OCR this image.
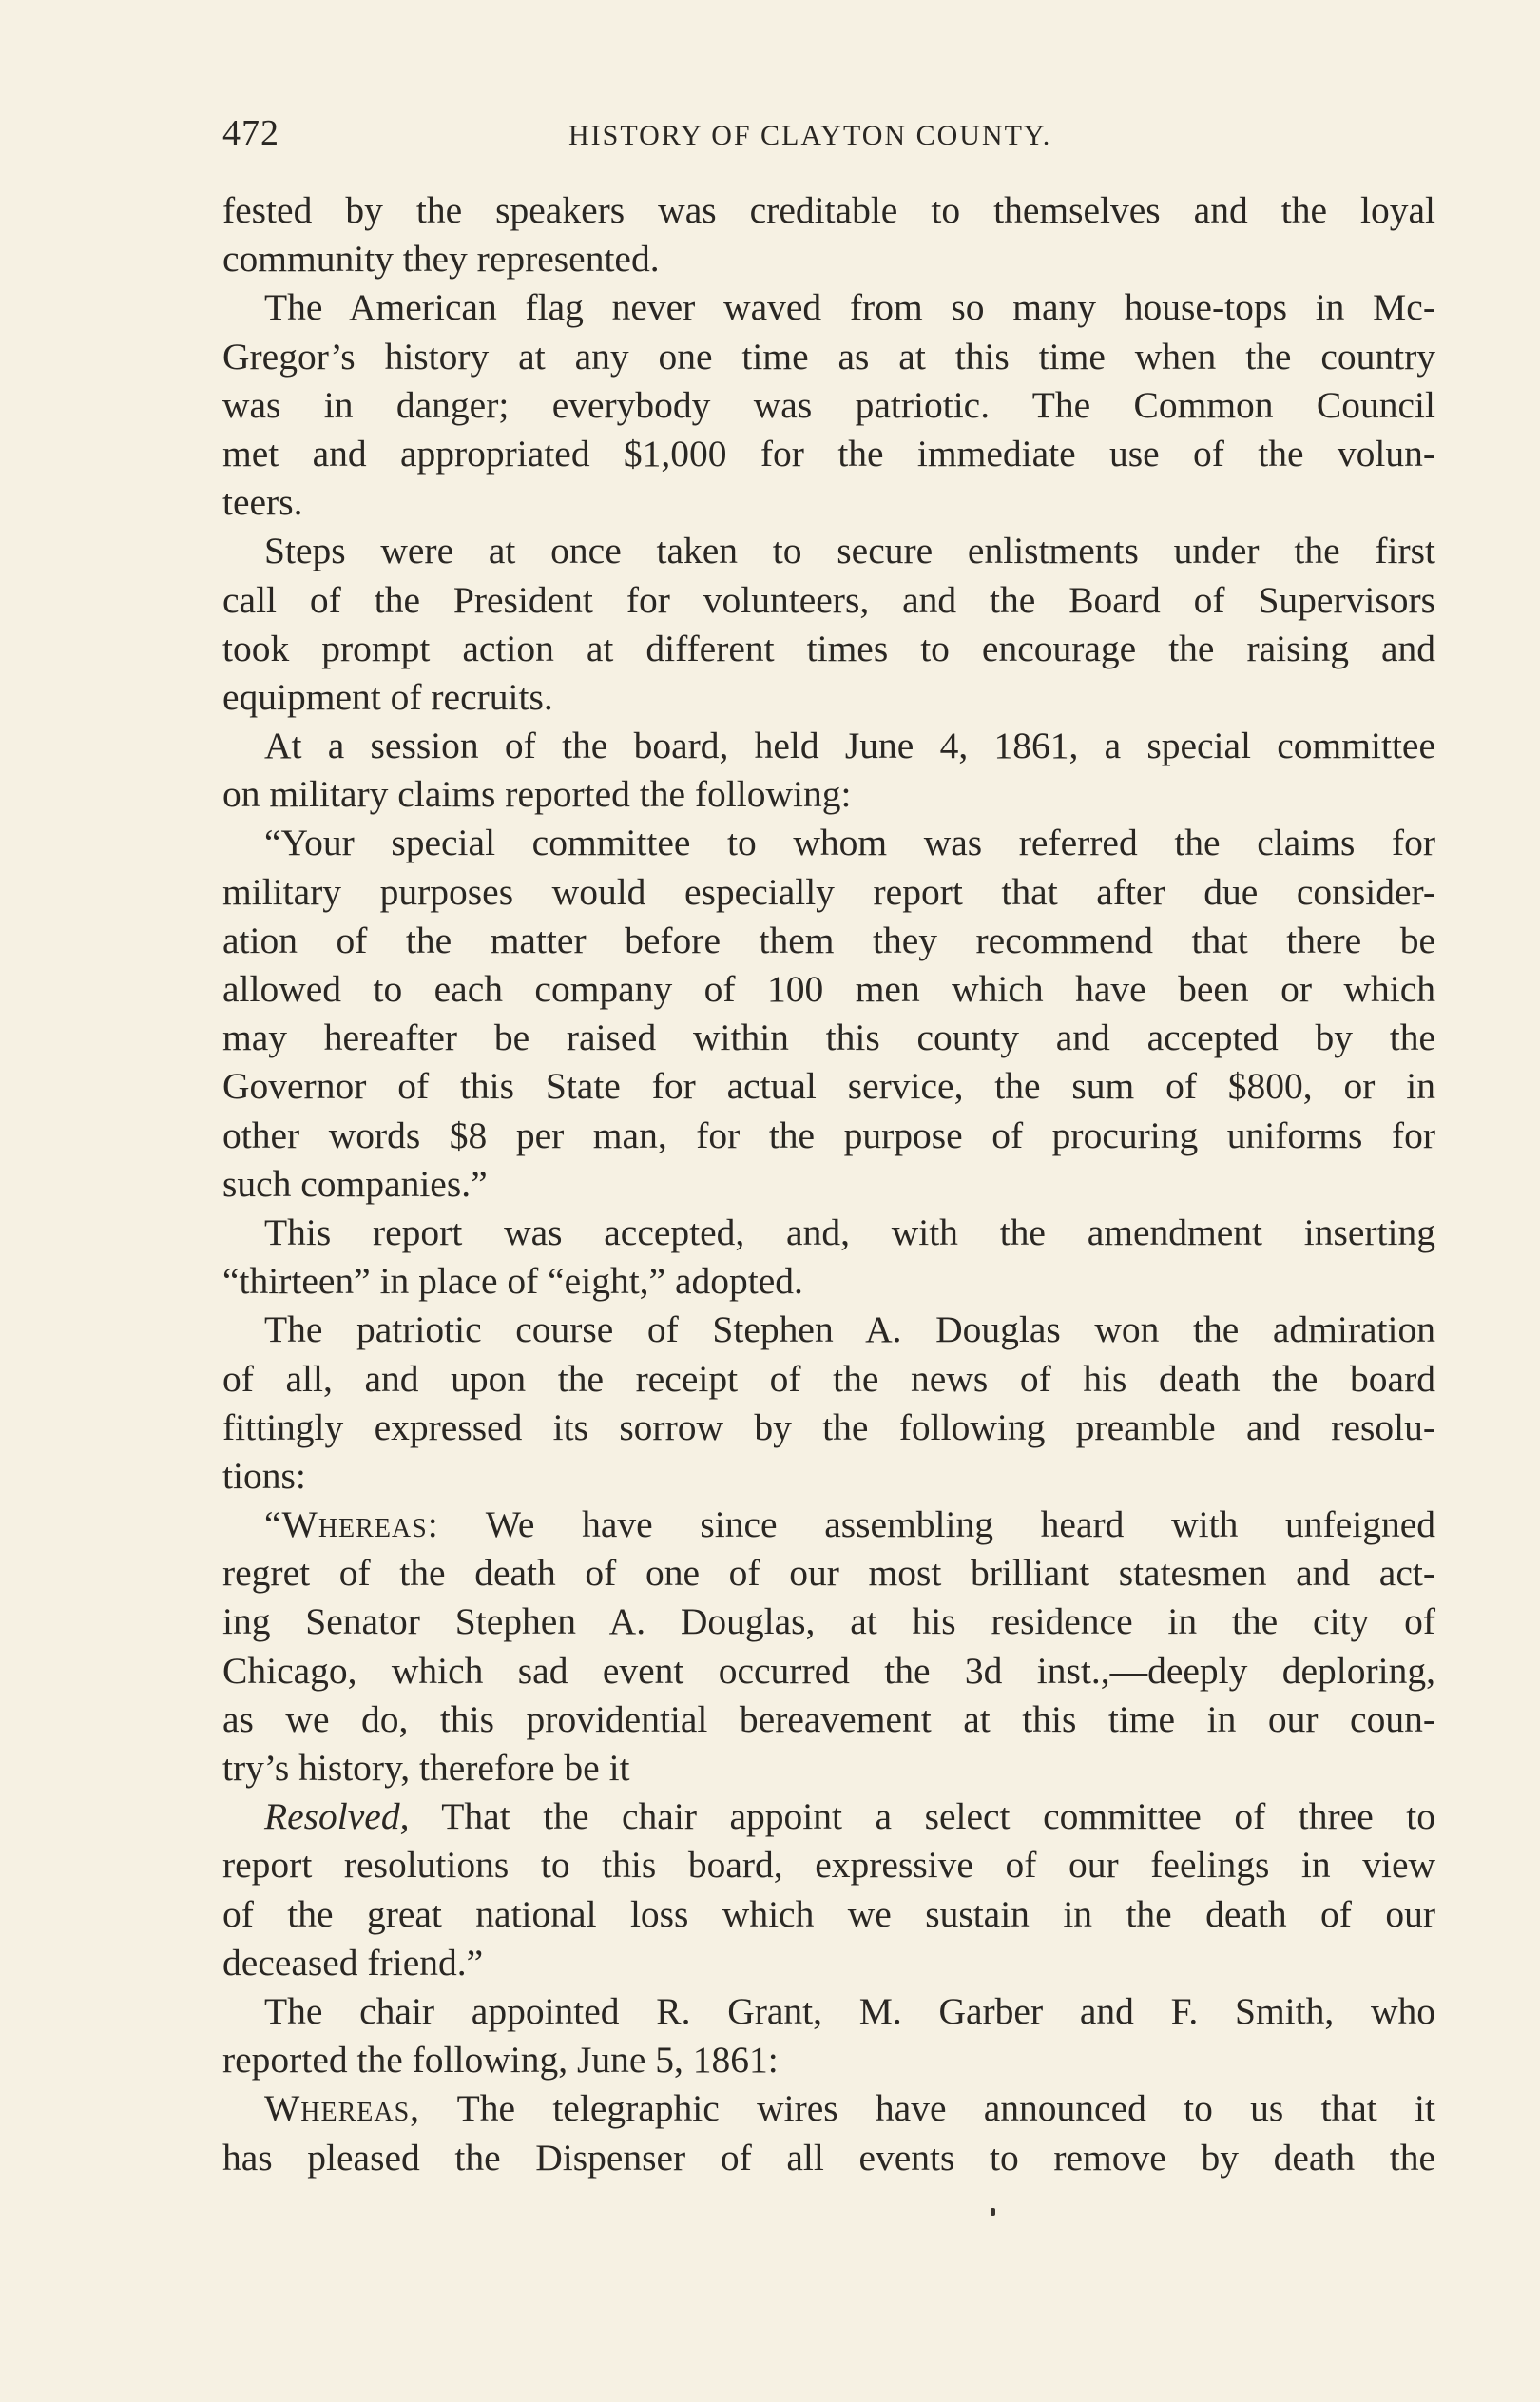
472	HISTORY OF CLAYTON COUNTY.
fested by the speakers was creditable to themselves and the loyal
community they represented.
The American flag never waved from so many house-tops in Mc-
Gregor’s history at any one time as at this time when the country
was in danger; everybody was patriotic. The Common Council
met and appropriated $1,000 for the immediate use of the volun-
teers.
Steps were at once taken to secure enlistments under the first
call of the President for volunteers, and the Board of Supervisors
took prompt action at different times to encourage the raising and
equipment of recruits.
At a session of the board, held June 4, 1861, a special committee
on military claims reported the following:
“Your special committee to whom was referred the claims for
military purposes would especially report that after due consider-
ation of the matter before them they recommend that there be
allowed to each company of 100 men which have been or which
may hereafter be raised within this county and accepted by the
Governor of this State for actual service, the sum of $800, or in
other words $8 per man, for the purpose of procuring uniforms for
such companies.”
This report was accepted, and, with the amendment inserting
“thirteen” in place of “eight,” adopted.
The patriotic course of Stephen A. Douglas won the admiration
of all, and upon the receipt of the news of his death the board
fittingly expressed its sorrow by the following preamble and resolu-
tions:
“Whereas: We have since assembling heard with unfeigned
regret of the death of one of our most brilliant statesmen and act-
ing Senator Stephen A. Douglas, at his residence in the city of
Chicago, which sad event occurred the 3d inst.,—deeply deploring,
as we do, this providential bereavement at this time in our coun-
try’s history, therefore be it
Resolved, That the chair appoint a select committee of three to
report resolutions to this board, expressive of our feelings in view
of the great national loss which we sustain in the death of our
deceased friend.”
The chair appointed R. Grant, M. Garber and F. Smith, who
reported the following, June 5, 1861:
Whereas, The telegraphic wires have announced to us that it
has pleased the Dispenser of all events to remove by death the
